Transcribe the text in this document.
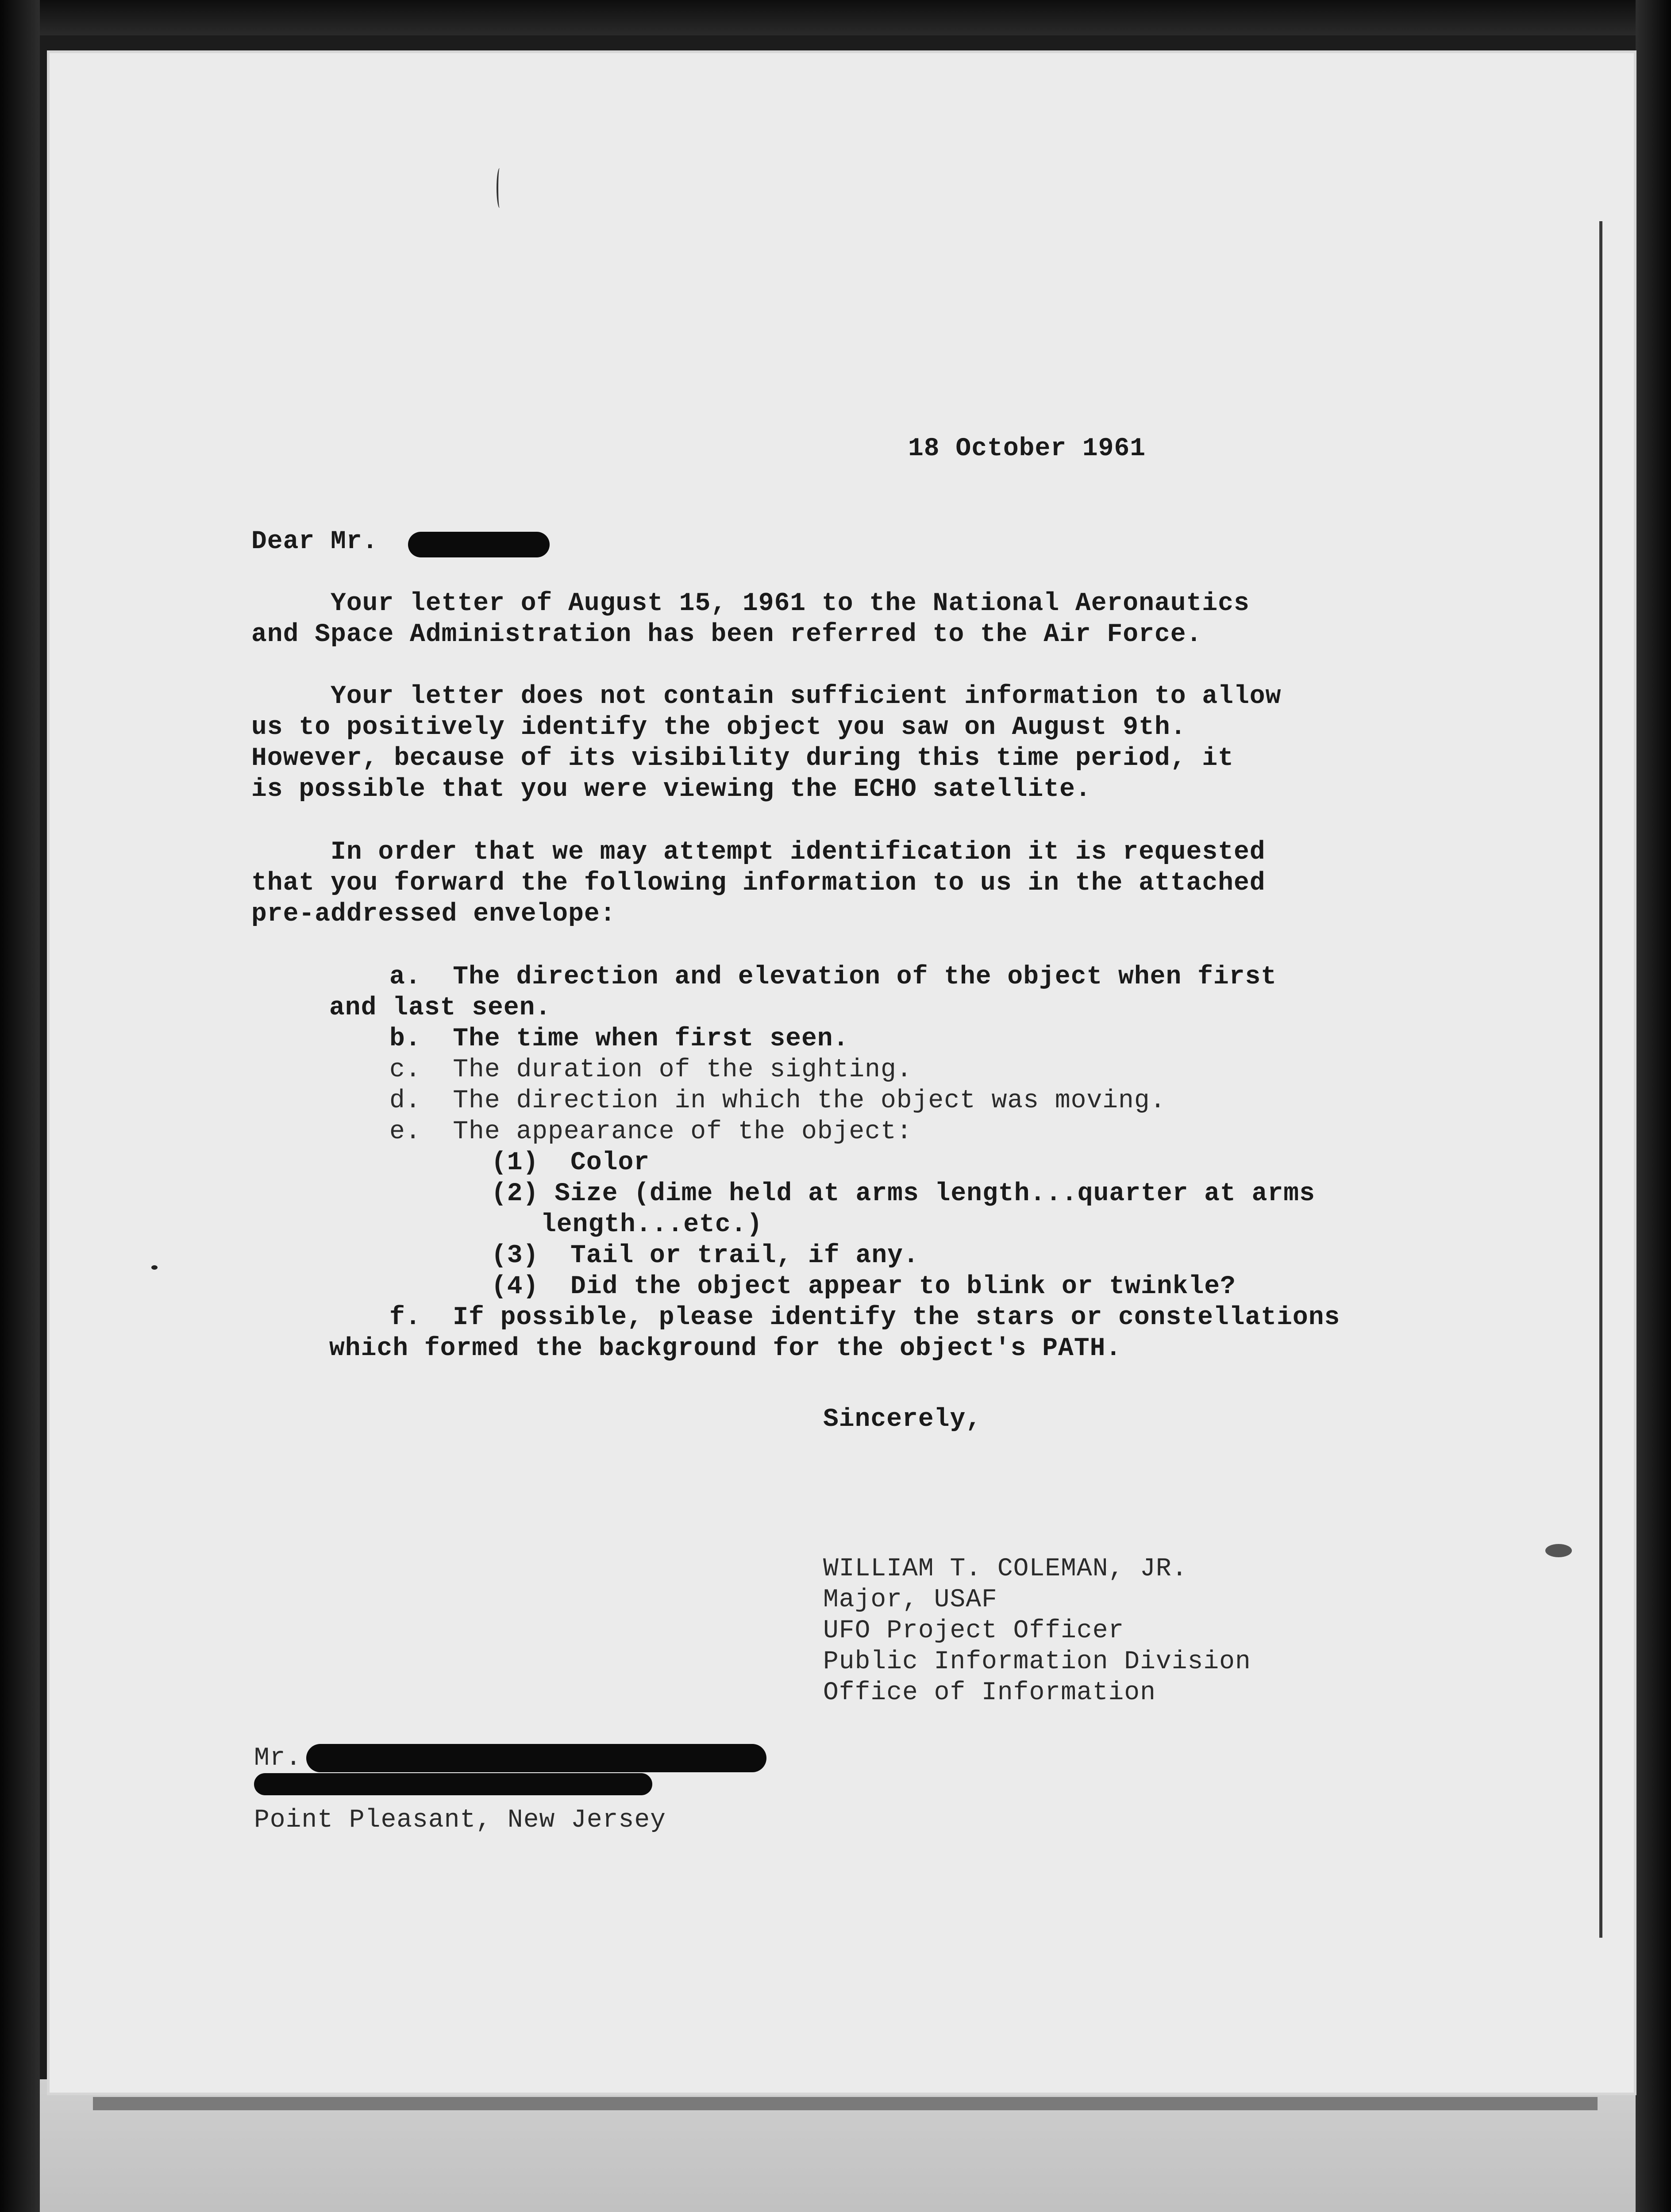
18 October 1961

Dear Mr.

Your letter of August 15, 1961 to the National Aeronautics

and Space Administration has been referred to the Air Force.

Your letter does not contain sufficient information to allow

us to positively identify the object you saw on August 9th.

However, because of its visibility during this time period, it

is possible that you were viewing the ECHO satellite.

In order that we may attempt identification it is requested

that you forward the following information to us in the attached

pre-addressed envelope:

a.  The direction and elevation of the object when first

and last seen.

b.  The time when first seen.

c.  The duration of the sighting.

d.  The direction in which the object was moving.

e.  The appearance of the object:

(1)  Color

(2) Size (dime held at arms length...quarter at arms

length...etc.)

(3)  Tail or trail, if any.

(4)  Did the object appear to blink or twinkle?

f.  If possible, please identify the stars or constellations

which formed the background for the object's PATH.

Sincerely,

WILLIAM T. COLEMAN, JR.

Major, USAF

UFO Project Officer

Public Information Division

Office of Information

Mr.

Point Pleasant, New Jersey
